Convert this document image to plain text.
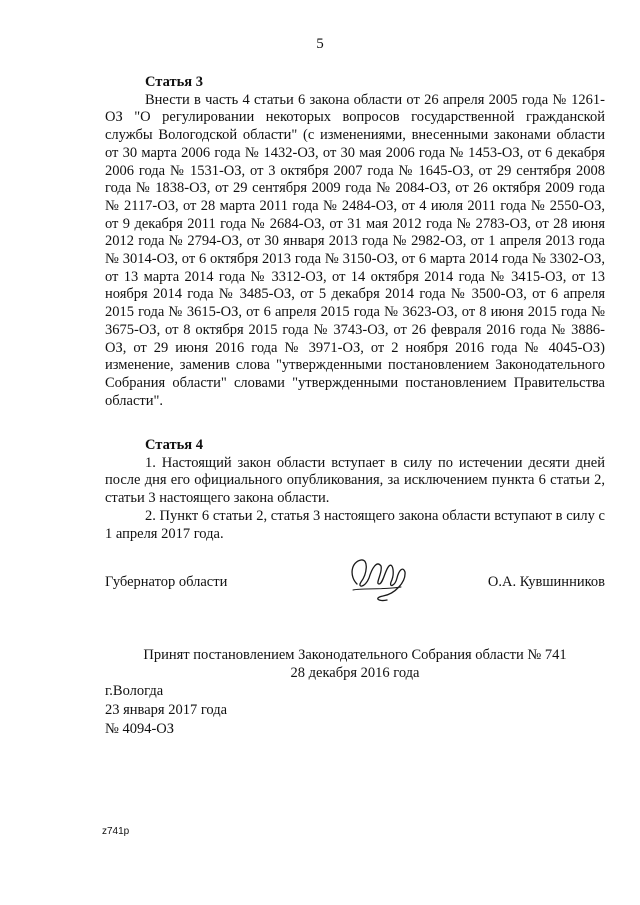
5

Статья 3

Внести в часть 4 статьи 6 закона области от 26 апреля 2005 года № 1261-ОЗ "О регулировании некоторых вопросов государственной гражданской службы Вологодской области" (с изменениями, внесенными законами области от 30 марта 2006 года № 1432-ОЗ, от 30 мая 2006 года № 1453-ОЗ, от 6 декабря 2006 года № 1531-ОЗ, от 3 октября 2007 года № 1645-ОЗ, от 29 сентября 2008 года № 1838-ОЗ, от 29 сентября 2009 года № 2084-ОЗ, от 26 октября 2009 года № 2117-ОЗ, от 28 марта 2011 года № 2484-ОЗ, от 4 июля 2011 года № 2550-ОЗ, от 9 декабря 2011 года № 2684-ОЗ, от 31 мая 2012 года № 2783-ОЗ, от 28 июня 2012 года № 2794-ОЗ, от 30 января 2013 года № 2982-ОЗ, от 1 апреля 2013 года № 3014-ОЗ, от 6 октября 2013 года № 3150-ОЗ, от 6 марта 2014 года № 3302-ОЗ, от 13 марта 2014 года № 3312-ОЗ, от 14 октября 2014 года № 3415-ОЗ, от 13 ноября 2014 года № 3485-ОЗ, от 5 декабря 2014 года № 3500-ОЗ, от 6 апреля 2015 года № 3615-ОЗ, от 6 апреля 2015 года № 3623-ОЗ, от 8 июня 2015 года № 3675-ОЗ, от 8 октября 2015 года № 3743-ОЗ, от 26 февраля 2016 года № 3886-ОЗ, от 29 июня 2016 года № 3971-ОЗ, от 2 ноября 2016 года № 4045-ОЗ) изменение, заменив слова "утвержденными постановлением Законодательного Собрания области" словами "утвержденными постановлением Правительства области".

Статья 4

1. Настоящий закон области вступает в силу по истечении десяти дней после дня его официального опубликования, за исключением пункта 6 статьи 2, статьи 3 настоящего закона области.

2. Пункт 6 статьи 2, статья 3 настоящего закона области вступают в силу с 1 апреля 2017 года.

Губернатор области	О.А. Кувшинников
Принят постановлением Законодательного Собрания области № 741
28 декабря 2016 года
г.Вологда
23 января 2017 года
№ 4094-ОЗ
z741p
